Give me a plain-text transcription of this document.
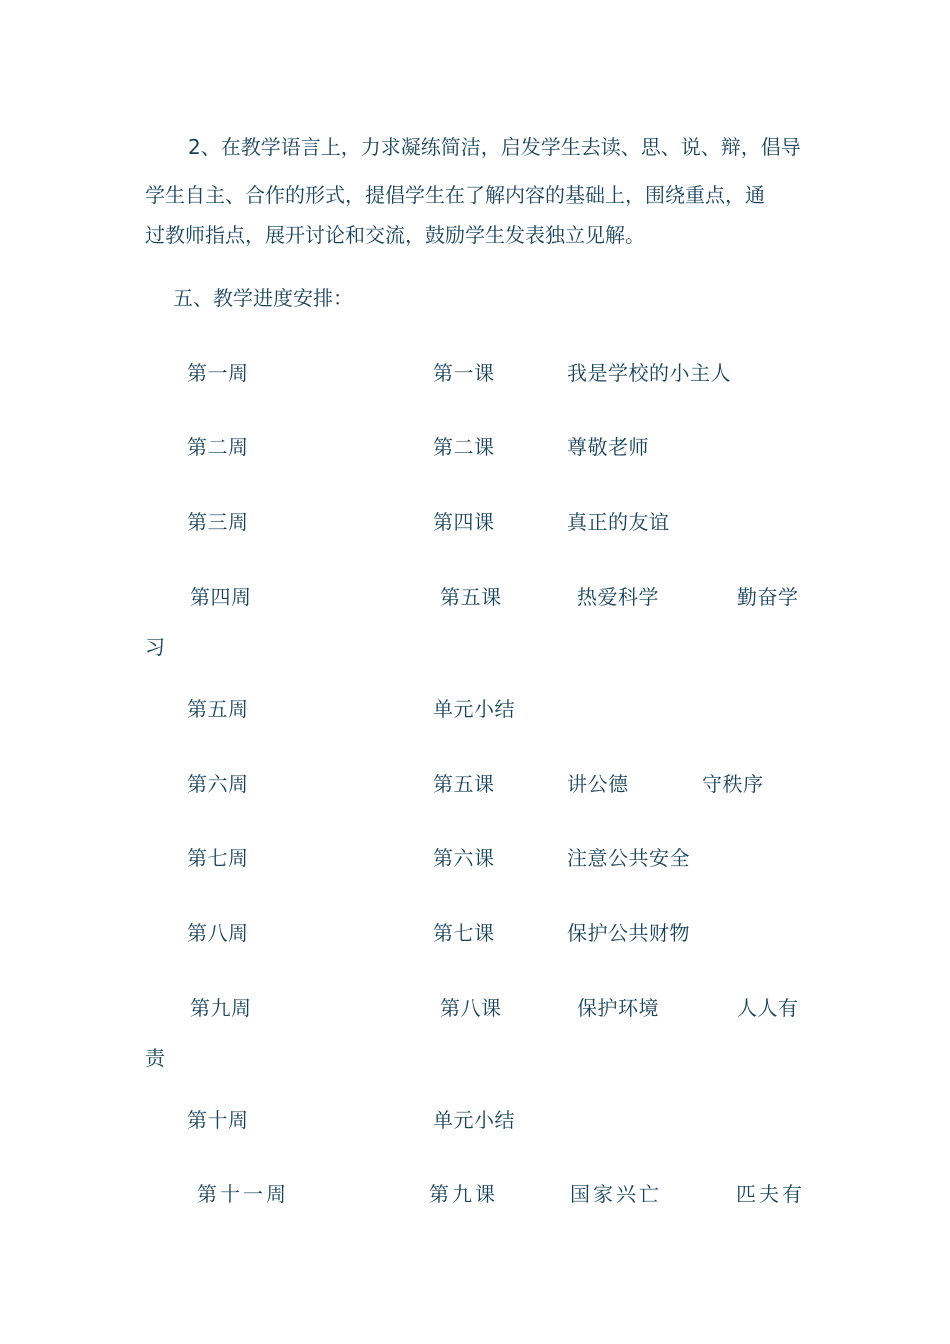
2、在教学语言上，力求凝练简洁，启发学生去读、思、说、辩，倡导
学生自主、合作的形式，提倡学生在了解内容的基础上，围绕重点，通
过教师指点，展开讨论和交流，鼓励学生发表独立见解。
五、教学进度安排：
第一周	第一课	我是学校的小主人
第二周	第二课	尊敬老师
第三周	第四课	真正的友谊
第四周	第五课	热爱科学	勤奋学
习
第五周	单元小结
第六周	第五课	讲公德	守秩序
第七周	第六课	注意公共安全
第八周	第七课	保护公共财物
第九周	第八课	保护环境	人人有
责
第十周	单元小结
第十一周	第九课	国家兴亡	匹夫有
